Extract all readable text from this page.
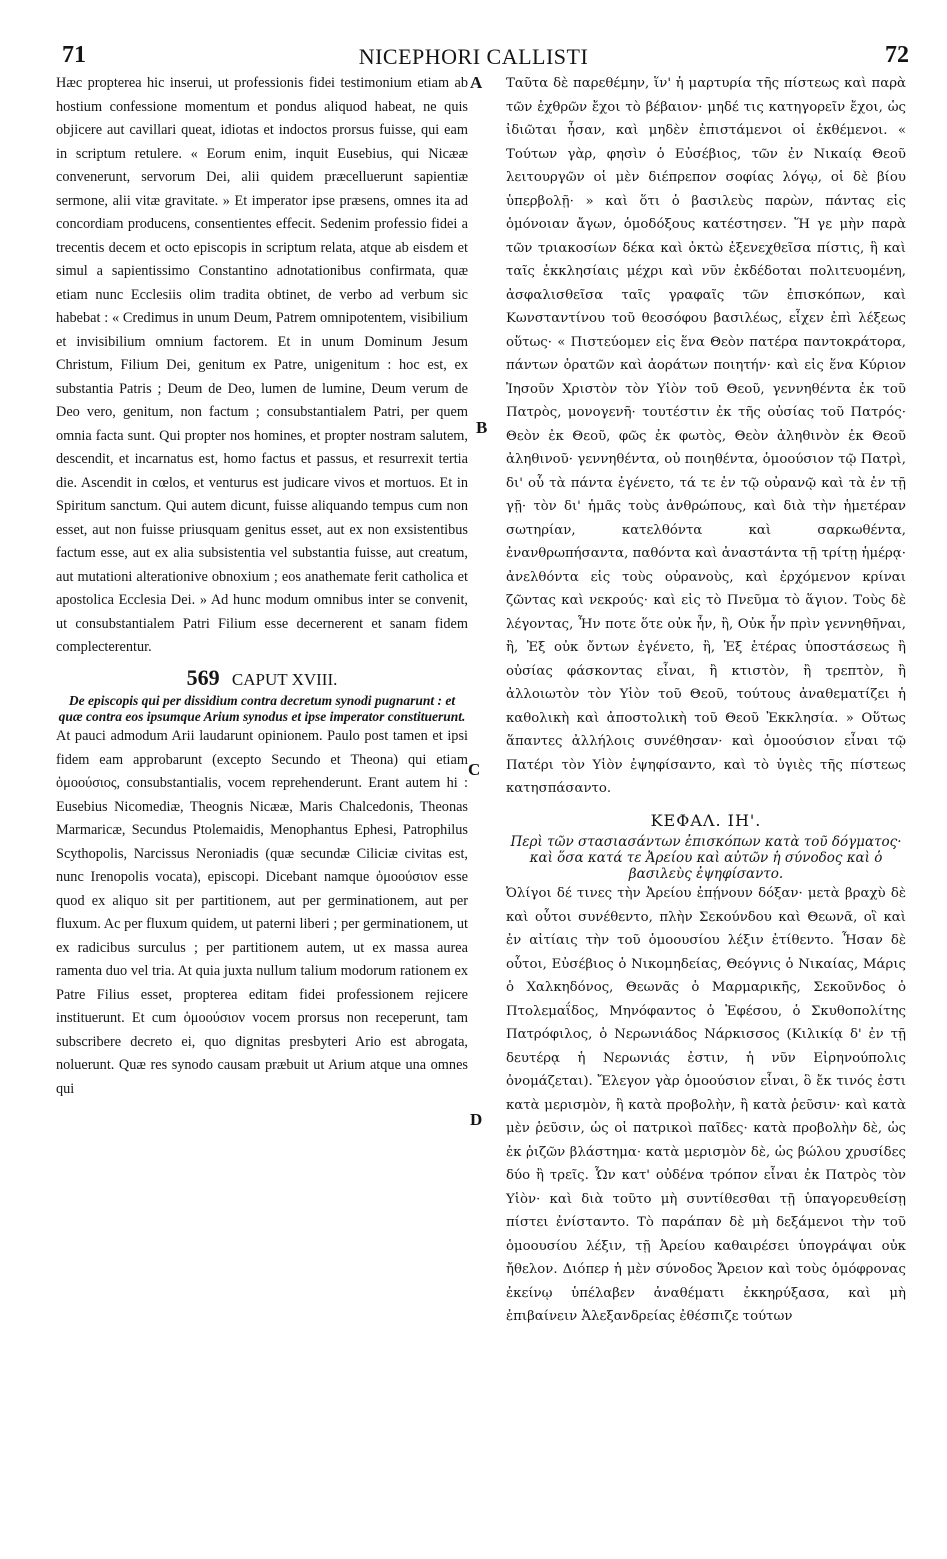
71	NICEPHORI CALLISTI	72
A
B
C
D

Hæc propterea hic inserui, ut professionis fidei testimonium etiam ab hostium confessione momentum et pondus aliquod habeat, ne quis objicere aut cavillari queat, idiotas et indoctos prorsus fuisse, qui eam in scriptum retulere. « Eorum enim, inquit Eusebius, qui Nicææ convenerunt, servorum Dei, alii quidem præcelluerunt sapientiæ sermone, alii vitæ gravitate. » Et imperator ipse præsens, omnes ita ad concordiam producens, consentientes effecit. Sedenim professio fidei a trecentis decem et octo episcopis in scriptum relata, atque ab eisdem et simul a sapientissimo Constantino adnotationibus confirmata, quæ etiam nunc Ecclesiis olim tradita obtinet, de verbo ad verbum sic habebat : « Credimus in unum Deum, Patrem omnipotentem, visibilium et invisibilium omnium factorem. Et in unum Dominum Jesum Christum, Filium Dei, genitum ex Patre, unigenitum : hoc est, ex substantia Patris ; Deum de Deo, lumen de lumine, Deum verum de Deo vero, genitum, non factum ; consubstantialem Patri, per quem omnia facta sunt. Qui propter nos homines, et propter nostram salutem, descendit, et incarnatus est, homo factus et passus, et resurrexit tertia die. Ascendit in cœlos, et venturus est judicare vivos et mortuos. Et in Spiritum sanctum. Qui autem dicunt, fuisse aliquando tempus cum non esset, aut non fuisse priusquam genitus esset, aut ex non exsistentibus factum esse, aut ex alia subsistentia vel substantia fuisse, aut creatum, aut mutationi alterationive obnoxium ; eos anathemate ferit catholica et apostolica Ecclesia Dei. » Ad hunc modum omnibus inter se convenit, ut consubstantialem Patri Filium esse decernerent et sanam fidem complecterentur.

569 CAPUT XVIII.

De episcopis qui per dissidium contra decretum synodi pugnarunt : et quæ contra eos ipsumque Arium synodus et ipse imperator constituerunt.

At pauci admodum Arii laudarunt opinionem. Paulo post tamen et ipsi fidem eam approbarunt (excepto Secundo et Theona) qui etiam ὁμοούσιος, consubstantialis, vocem reprehenderunt. Erant autem hi : Eusebius Nicomediæ, Theognis Nicææ, Maris Chalcedonis, Theonas Marmaricæ, Secundus Ptolemaidis, Menophantus Ephesi, Patrophilus Scythopolis, Narcissus Neroniadis (quæ secundæ Ciliciæ civitas est, nunc Irenopolis vocata), episcopi. Dicebant namque ὁμοούσιον esse quod ex aliquo sit per partitionem, aut per germinationem, aut per fluxum. Ac per fluxum quidem, ut paterni liberi ; per germinationem, ut ex radicibus surculus ; per partitionem autem, ut ex massa aurea ramenta duo vel tria. At quia juxta nullum talium modorum rationem ex Patre Filius esset, propterea editam fidei professionem rejicere instituerunt. Et cum ὁμοούσιον vocem prorsus non receperunt, tam subscribere decreto ei, quo dignitas presbyteri Ario est abrogata, noluerunt. Quæ res synodo causam præbuit ut Arium atque una omnes qui

Ταῦτα δὲ παρεθέμην, ἵν' ἡ μαρτυρία τῆς πίστεως καὶ παρὰ τῶν ἐχθρῶν ἔχοι τὸ βέβαιον· μηδέ τις κατηγορεῖν ἔχοι, ὡς ἰδιῶται ἦσαν, καὶ μηδὲν ἐπιστάμενοι οἱ ἐκθέμενοι. « Τούτων γὰρ, φησὶν ὁ Εὐσέβιος, τῶν ἐν Νικαίᾳ Θεοῦ λειτουργῶν οἱ μὲν διέπρεπον σοφίας λόγῳ, οἱ δὲ βίου ὑπερβολῇ· » καὶ ὅτι ὁ βασιλεὺς παρὼν, πάντας εἰς ὁμόνοιαν ἄγων, ὁμοδόξους κατέστησεν. Ἥ γε μὴν παρὰ τῶν τριακοσίων δέκα καὶ ὀκτὼ ἐξενεχθεῖσα πίστις, ἣ καὶ ταῖς ἐκκλησίαις μέχρι καὶ νῦν ἐκδέδοται πολιτευομένη, ἀσφαλισθεῖσα ταῖς γραφαῖς τῶν ἐπισκόπων, καὶ Κωνσταντίνου τοῦ θεοσόφου βασιλέως, εἶχεν ἐπὶ λέξεως οὕτως· « Πιστεύομεν εἰς ἕνα Θεὸν πατέρα παντοκράτορα, πάντων ὁρατῶν καὶ ἀοράτων ποιητήν· καὶ εἰς ἕνα Κύριον Ἰησοῦν Χριστὸν τὸν Υἱὸν τοῦ Θεοῦ, γεννηθέντα ἐκ τοῦ Πατρὸς, μονογενῆ· τουτέστιν ἐκ τῆς οὐσίας τοῦ Πατρός· Θεὸν ἐκ Θεοῦ, φῶς ἐκ φωτὸς, Θεὸν ἀληθινὸν ἐκ Θεοῦ ἀληθινοῦ· γεννηθέντα, οὐ ποιηθέντα, ὁμοούσιον τῷ Πατρὶ, δι' οὗ τὰ πάντα ἐγένετο, τά τε ἐν τῷ οὐρανῷ καὶ τὰ ἐν τῇ γῇ· τὸν δι' ἡμᾶς τοὺς ἀνθρώπους, καὶ διὰ τὴν ἡμετέραν σωτηρίαν, κατελθόντα καὶ σαρκωθέντα, ἐνανθρωπήσαντα, παθόντα καὶ ἀναστάντα τῇ τρίτῃ ἡμέρᾳ· ἀνελθόντα εἰς τοὺς οὐρανοὺς, καὶ ἐρχόμενον κρίναι ζῶντας καὶ νεκρούς· καὶ εἰς τὸ Πνεῦμα τὸ ἅγιον. Τοὺς δὲ λέγοντας, Ἦν ποτε ὅτε οὐκ ἦν, ἢ, Οὐκ ἦν πρὶν γεννηθῆναι, ἢ, Ἐξ οὐκ ὄντων ἐγένετο, ἢ, Ἐξ ἑτέρας ὑποστάσεως ἢ οὐσίας φάσκοντας εἶναι, ἢ κτιστὸν, ἢ τρεπτὸν, ἢ ἀλλοιωτὸν τὸν Υἱὸν τοῦ Θεοῦ, τούτους ἀναθεματίζει ἡ καθολικὴ καὶ ἀποστολικὴ τοῦ Θεοῦ Ἐκκλησία. » Οὕτως ἅπαντες ἀλλήλοις συνέθησαν· καὶ ὁμοούσιον εἶναι τῷ Πατέρι τὸν Υἱὸν ἐψηφίσαντο, καὶ τὸ ὑγιὲς τῆς πίστεως κατησπάσαντο.

ΚΕΦΑΛ. ΙΗ'.

Περὶ τῶν στασιασάντων ἐπισκόπων κατὰ τοῦ δόγματος· καὶ ὅσα κατά τε Ἀρείου καὶ αὐτῶν ἡ σύνοδος καὶ ὁ βασιλεὺς ἐψηφίσαντο.

Ὀλίγοι δέ τινες τὴν Ἀρείου ἐπῄνουν δόξαν· μετὰ βραχὺ δὲ καὶ οὗτοι συνέθεντο, πλὴν Σεκούνδου καὶ Θεωνᾶ, οἳ καὶ ἐν αἰτίαις τὴν τοῦ ὁμοουσίου λέξιν ἐτίθεντο. Ἦσαν δὲ οὗτοι, Εὐσέβιος ὁ Νικομηδείας, Θεόγνις ὁ Νικαίας, Μάρις ὁ Χαλκηδόνος, Θεωνᾶς ὁ Μαρμαρικῆς, Σεκοῦνδος ὁ Πτολεμαΐδος, Μηνόφαντος ὁ Ἐφέσου, ὁ Σκυθοπολίτης Πατρόφιλος, ὁ Νερωνιάδος Νάρκισσος (Κιλικίᾳ δ' ἐν τῇ δευτέρᾳ ἡ Νερωνιάς ἐστιν, ἡ νῦν Εἰρηνούπολις ὀνομάζεται). Ἔλεγον γὰρ ὁμοούσιον εἶναι, ὃ ἔκ τινός ἐστι κατὰ μερισμὸν, ἢ κατὰ προβολὴν, ἢ κατὰ ῥεῦσιν· καὶ κατὰ μὲν ῥεῦσιν, ὡς οἱ πατρικοὶ παῖδες· κατὰ προβολὴν δὲ, ὡς ἐκ ῥιζῶν βλάστημα· κατὰ μερισμὸν δὲ, ὡς βώλου χρυσίδες δύο ἢ τρεῖς. Ὧν κατ' οὐδένα τρόπον εἶναι ἐκ Πατρὸς τὸν Υἱὸν· καὶ διὰ τοῦτο μὴ συντίθεσθαι τῇ ὑπαγορευθείσῃ πίστει ἐνίσταντο. Τὸ παράπαν δὲ μὴ δεξάμενοι τὴν τοῦ ὁμοουσίου λέξιν, τῇ Ἀρείου καθαιρέσει ὑπογράψαι οὐκ ἤθελον. Διόπερ ἡ μὲν σύνοδος Ἄρειον καὶ τοὺς ὁμόφρονας ἐκείνῳ ὑπέλαβεν ἀναθέματι ἐκκηρύξασα, καὶ μὴ ἐπιβαίνειν Ἀλεξανδρείας ἐθέσπιζε τούτων
